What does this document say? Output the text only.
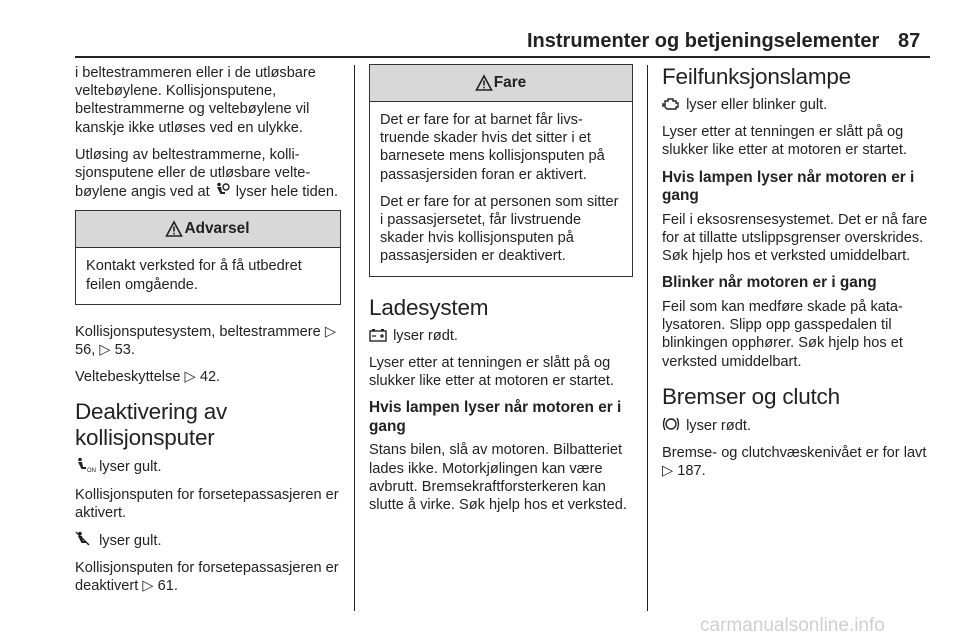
Instrumenter og betjeningselementer 87

i beltestrammeren eller i de utløsbare veltebøylene. Kollisjonsputene, beltestrammerne og veltebøylene vil kanskje ikke utløses ved en ulykke.

Utløsing av beltestrammerne, kollisjonsputene eller de utløsbare veltebøylene angis ved at lyser hele tiden.

Advarsel

Kontakt verksted for å få utbedret feilen omgående.

Kollisjonsputesystem, beltestrammere ▷ 56, ▷ 53.

Veltebeskyttelse ▷ 42.

Deaktivering av kollisjonsputer

ON lyser gult.

Kollisjonsputen for forsetepassasjeren er aktivert.

lyser gult.

Kollisjonsputen for forsetepassasjeren er deaktivert ▷ 61.

Fare

Det er fare for at barnet får livstruende skader hvis det sitter i et barnesete mens kollisjonsputen på passasjersiden foran er aktivert.

Det er fare for at personen som sitter i passasjersetet, får livstruende skader hvis kollisjonsputen på passasjersiden er deaktivert.

Ladesystem

lyser rødt.

Lyser etter at tenningen er slått på og slukker like etter at motoren er startet.

Hvis lampen lyser når motoren er i gang

Stans bilen, slå av motoren. Bilbatteriet lades ikke. Motorkjølingen kan være avbrutt. Bremsekraftforsterkeren kan slutte å virke. Søk hjelp hos et verksted.

Feilfunksjonslampe

lyser eller blinker gult.

Lyser etter at tenningen er slått på og slukker like etter at motoren er startet.

Hvis lampen lyser når motoren er i gang

Feil i eksosrensesystemet. Det er nå fare for at tillatte utslippsgrenser overskrides. Søk hjelp hos et verksted umiddelbart.

Blinker når motoren er i gang

Feil som kan medføre skade på katalysatoren. Slipp opp gasspedalen til blinkingen opphører. Søk hjelp hos et verksted umiddelbart.

Bremser og clutch

lyser rødt.

Bremse- og clutchvæskenivået er for lavt ▷ 187.

carmanualsonline.info
